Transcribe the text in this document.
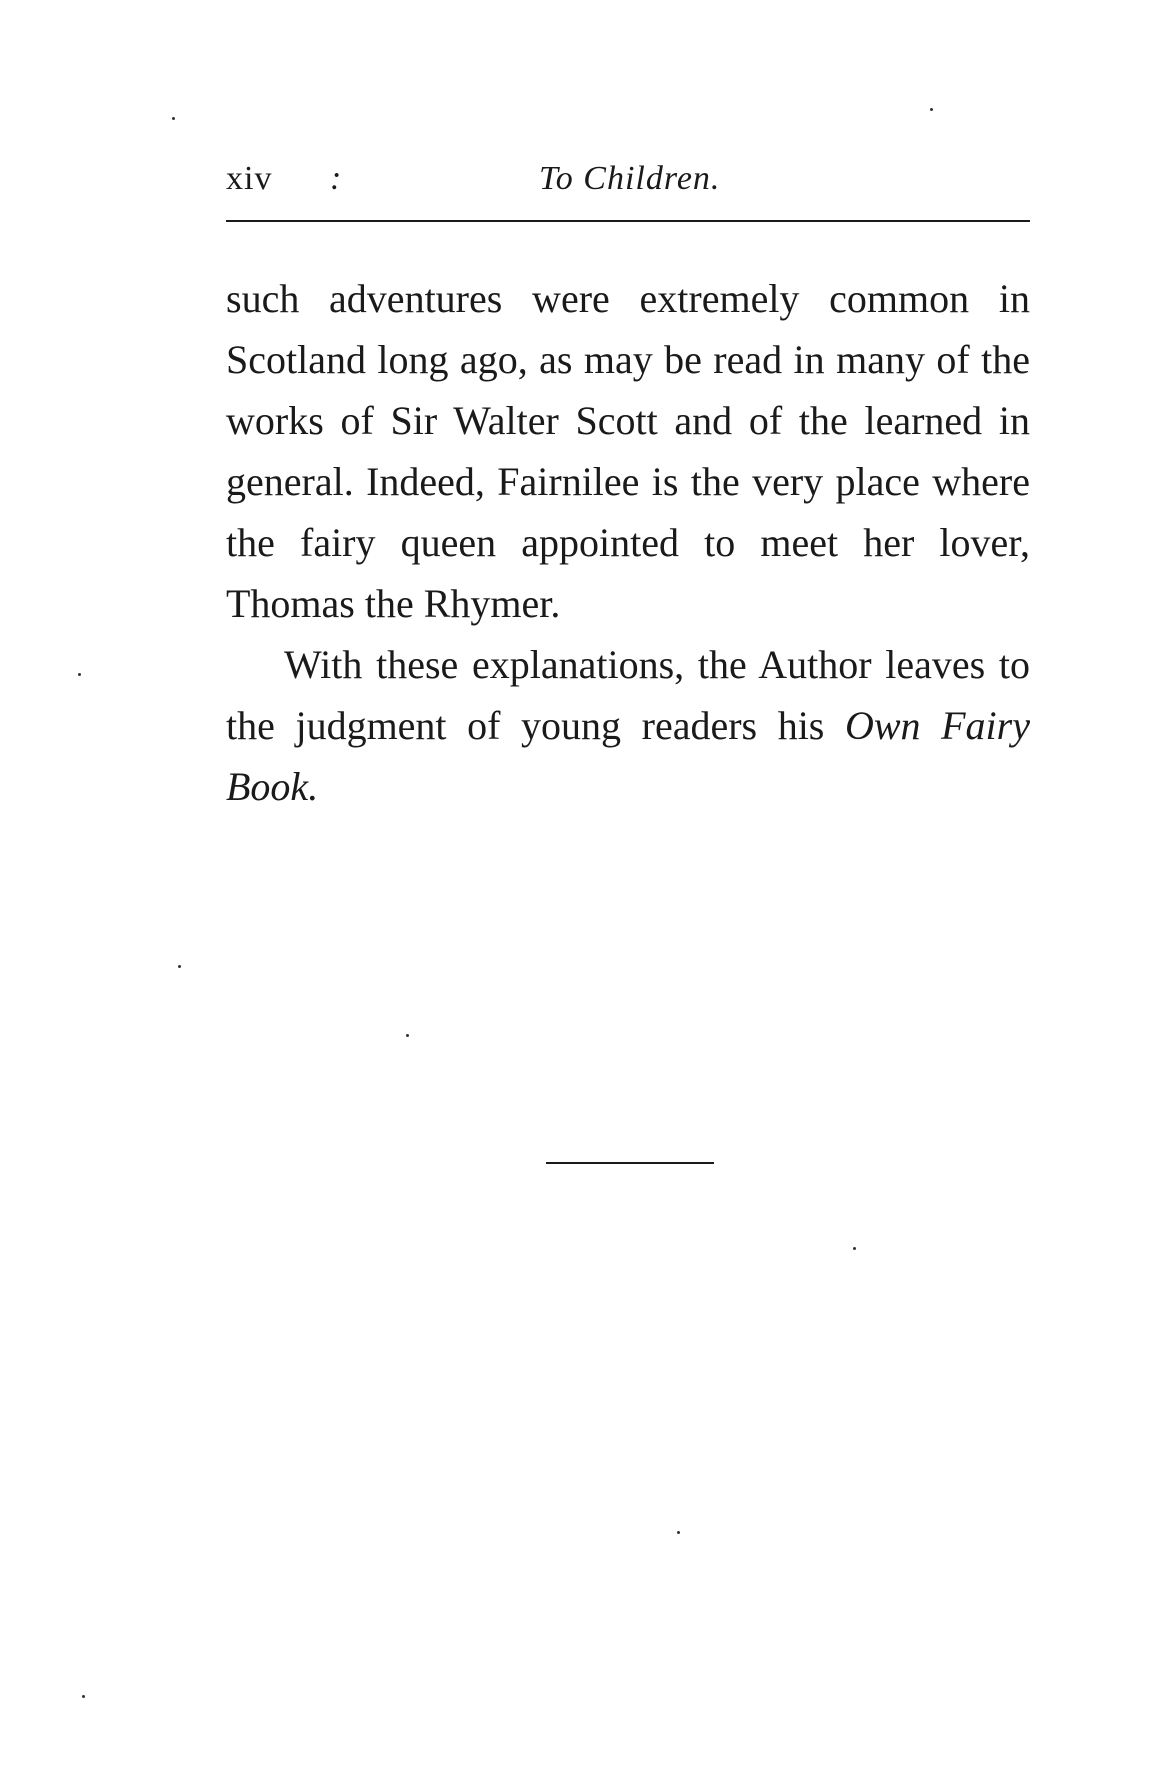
xiv :	To Children.

such adventures were extremely common in Scotland long ago, as may be read in many of the works of Sir Walter Scott and of the learned in general. Indeed, Fairnilee is the very place where the fairy queen appointed to meet her lover, Thomas the Rhymer.

With these explanations, the Author leaves to the judgment of young readers his Own Fairy Book.
